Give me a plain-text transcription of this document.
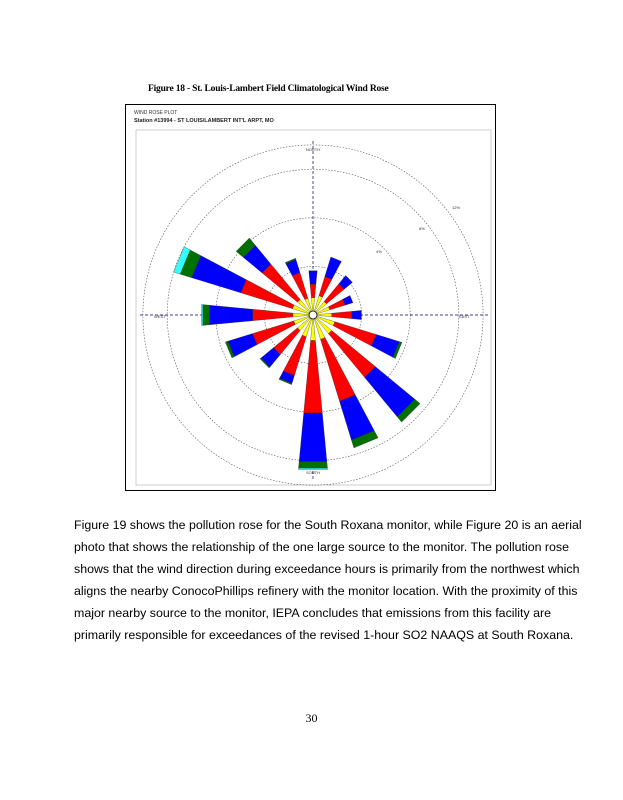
Figure 18 - St. Louis-Lambert Field Climatological Wind Rose
WIND ROSE PLOT
Station #13994 - ST LOUIS/LAMBERT INT'L ARPT, MO
NORTH
SOUTH
EAST
WEST
4%
8%
12%

Figure 19 shows the pollution rose for the South Roxana monitor, while Figure 20 is an aerial

photo that shows the relationship of the one large source to the monitor. The pollution rose

shows that the wind direction during exceedance hours is primarily from the northwest which

aligns the nearby ConocoPhillips refinery with the monitor location. With the proximity of this

major nearby source to the monitor, IEPA concludes that emissions from this facility are

primarily responsible for exceedances of the revised 1-hour SO2 NAAQS at South Roxana.

30
